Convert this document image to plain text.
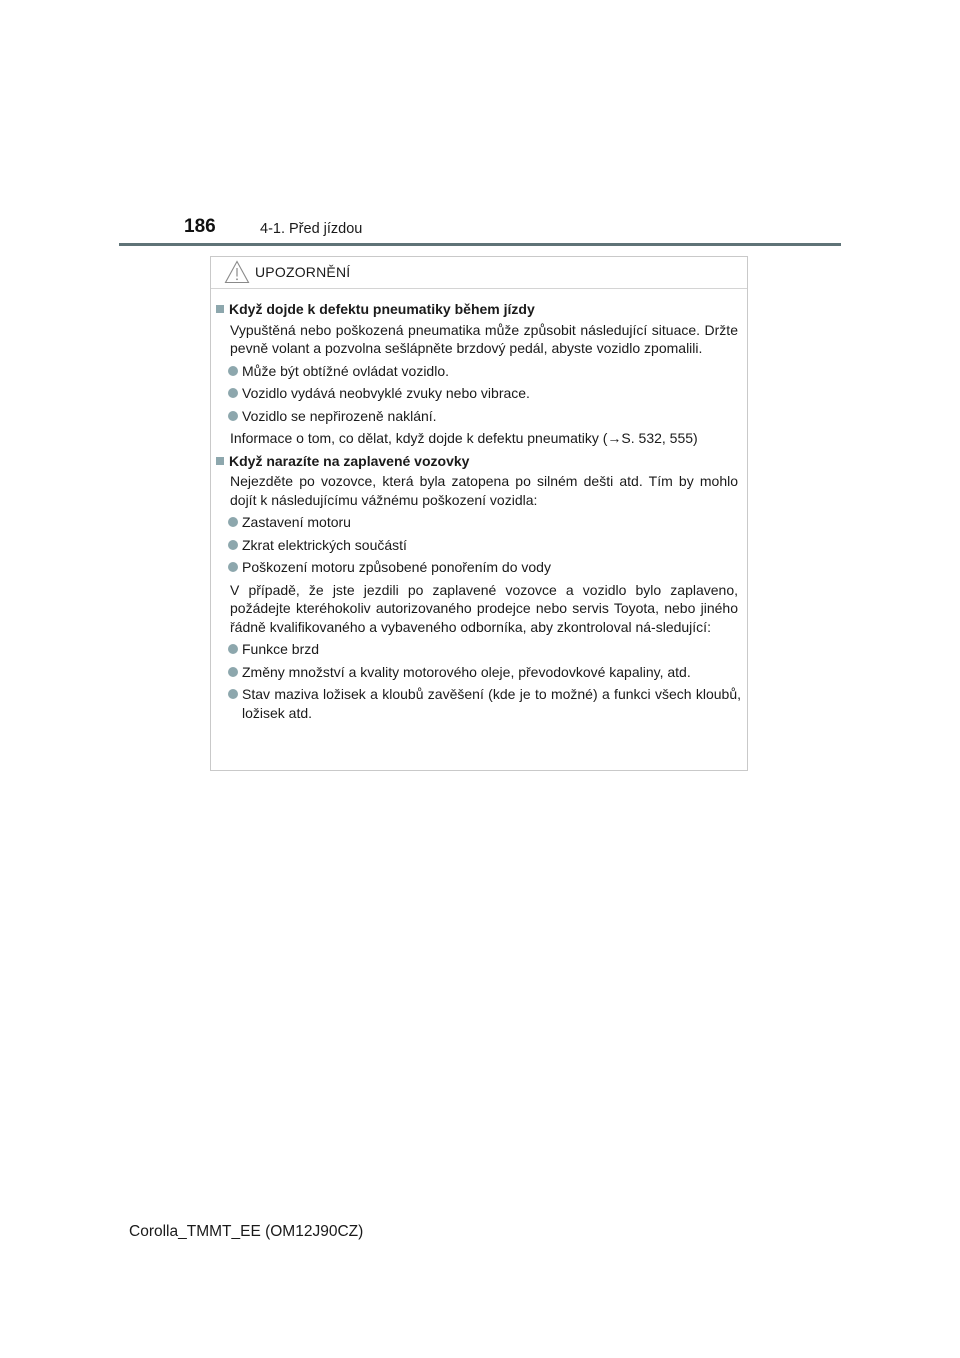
186	4-1. Před jízdou
UPOZORNĚNÍ
Když dojde k defektu pneumatiky během jízdy
Vypuštěná nebo poškozená pneumatika může způsobit následující situace. Držte pevně volant a pozvolna sešlápněte brzdový pedál, abyste vozidlo zpomalili.
Může být obtížné ovládat vozidlo.
Vozidlo vydává neobvyklé zvuky nebo vibrace.
Vozidlo se nepřirozeně naklání.
Informace o tom, co dělat, když dojde k defektu pneumatiky (→S. 532, 555)
Když narazíte na zaplavené vozovky
Nejezděte po vozovce, která byla zatopena po silném dešti atd. Tím by mohlo dojít k následujícímu vážnému poškození vozidla:
Zastavení motoru
Zkrat elektrických součástí
Poškození motoru způsobené ponořením do vody
V případě, že jste jezdili po zaplavené vozovce a vozidlo bylo zaplaveno, požádejte kteréhokoliv autorizovaného prodejce nebo servis Toyota, nebo jiného řádně kvalifikovaného a vybaveného odborníka, aby zkontroloval ná-sledující:
Funkce brzd
Změny množství a kvality motorového oleje, převodovkové kapaliny, atd.
Stav maziva ložisek a kloubů zavěšení (kde je to možné) a funkci všech kloubů, ložisek atd.
Corolla_TMMT_EE (OM12J90CZ)
